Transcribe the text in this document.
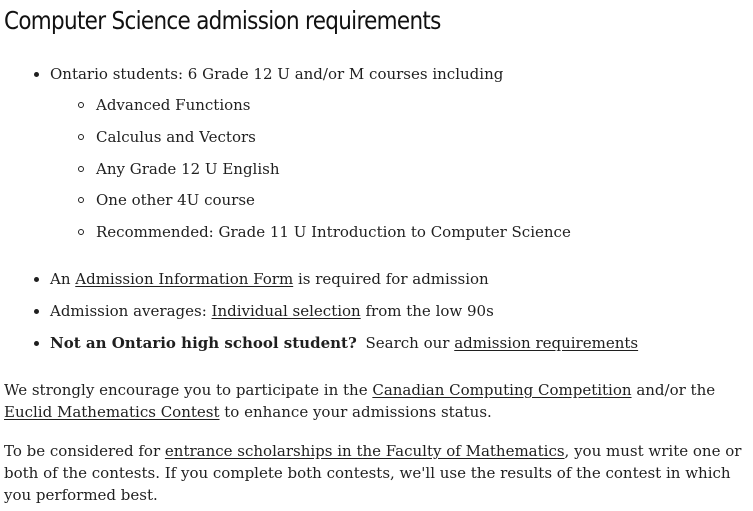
Computer Science admission requirements
Ontario students: 6 Grade 12 U and/or M courses including
Advanced Functions
Calculus and Vectors
Any Grade 12 U English
One other 4U course
Recommended: Grade 11 U Introduction to Computer Science
An Admission Information Form is required for admission
Admission averages: Individual selection from the low 90s
Not an Ontario high school student? Search our admission requirements
We strongly encourage you to participate in the Canadian Computing Competition and/or the Euclid Mathematics Contest to enhance your admissions status.
To be considered for entrance scholarships in the Faculty of Mathematics, you must write one or both of the contests. If you complete both contests, we'll use the results of the contest in which you performed best.
